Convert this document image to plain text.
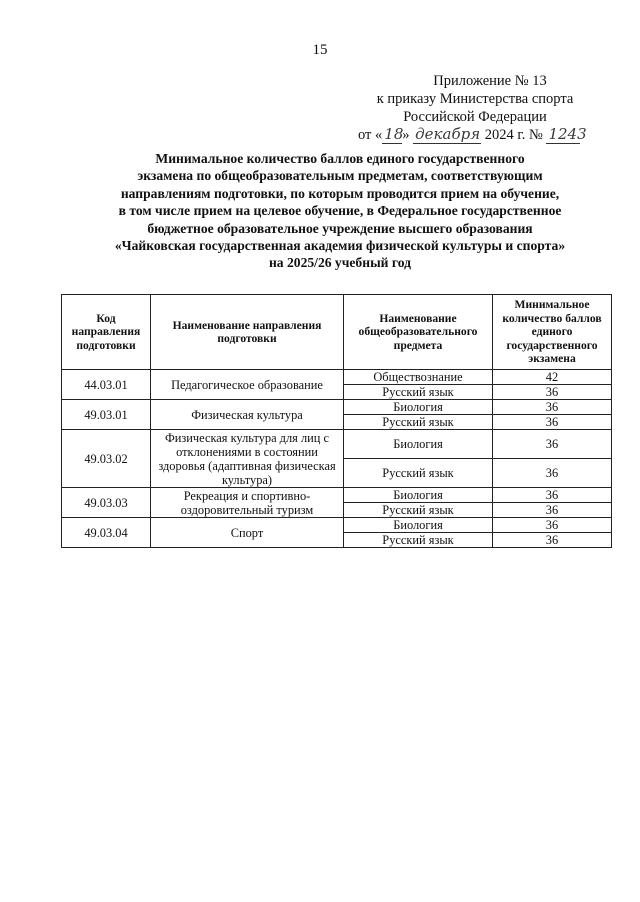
15
Приложение № 13
к приказу Министерства спорта
Российской Федерации
от « 18» декабря 2024 г. № 1243
Минимальное количество баллов единого государственного
экзамена по общеобразовательным предметам, соответствующим
направлениям подготовки, по которым проводится прием на обучение,
в том числе прием на целевое обучение, в Федеральное государственное
бюджетное образовательное учреждение высшего образования
«Чайковская государственная академия физической культуры и спорта»
на 2025/26 учебный год
Код направления подготовки	Наименование направления подготовки	Наименование общеобразовательного предмета	Минимальное количество баллов единого государственного экзамена
44.03.01	Педагогическое образование	Обществознание	42
		Русский язык	36
49.03.01	Физическая культура	Биология	36
		Русский язык	36
49.03.02	Физическая культура для лиц с отклонениями в состоянии здоровья (адаптивная физическая культура)	Биология	36
		Русский язык	36
49.03.03	Рекреация и спортивно-оздоровительный туризм	Биология	36
		Русский язык	36
49.03.04	Спорт	Биология	36
		Русский язык	36
